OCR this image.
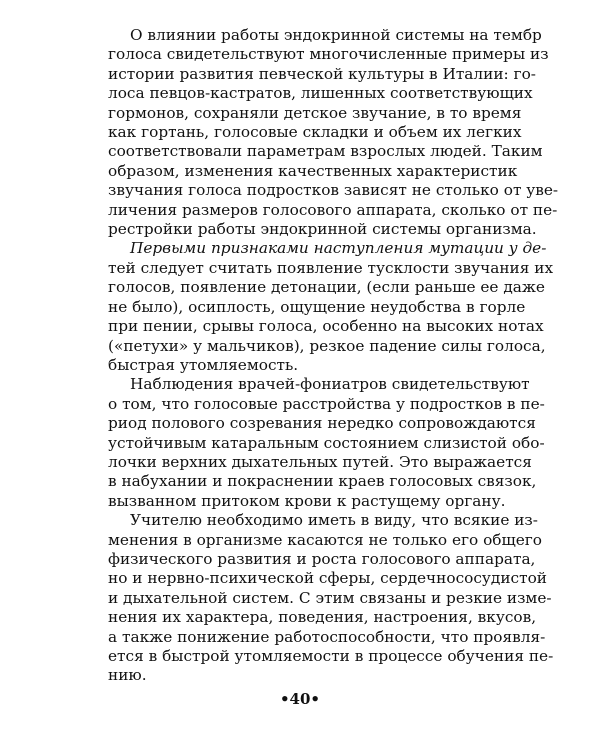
О влиянии работы эндокринной системы на тембр
голоса свидетельствуют многочисленные примеры из
истории развития певческой культуры в Италии: го-
лоса певцов-кастратов, лишенных соответствующих
гормонов, сохраняли детское звучание, в то время
как гортань, голосовые складки и объем их легких
соответствовали параметрам взрослых людей. Таким
образом, изменения качественных характеристик
звучания голоса подростков зависят не столько от уве-
личения размеров голосового аппарата, сколько от пе-
рестройки работы эндокринной системы организма.
Первыми признаками наступления мутации у де-
тей следует считать появление тусклости звучания их
голосов, появление детонации, (если раньше ее даже
не было), осиплость, ощущение неудобства в горле
при пении, срывы голоса, особенно на высоких нотах
(«петухи» у мальчиков), резкое падение силы голоса,
быстрая утомляемость.
Наблюдения врачей-фониатров свидетельствуют
о том, что голосовые расстройства у подростков в пе-
риод полового созревания нередко сопровождаются
устойчивым катаральным состоянием слизистой обо-
лочки верхних дыхательных путей. Это выражается
в набухании и покраснении краев голосовых связок,
вызванном притоком крови к растущему органу.
Учителю необходимо иметь в виду, что всякие из-
менения в организме касаются не только его общего
физического развития и роста голосового аппарата,
но и нервно-психической сферы, сердечнососудистой
и дыхательной систем. С этим связаны и резкие изме-
нения их характера, поведения, настроения, вкусов,
а также понижение работоспособности, что проявля-
ется в быстрой утомляемости в процессе обучения пе-
нию.
•40•
